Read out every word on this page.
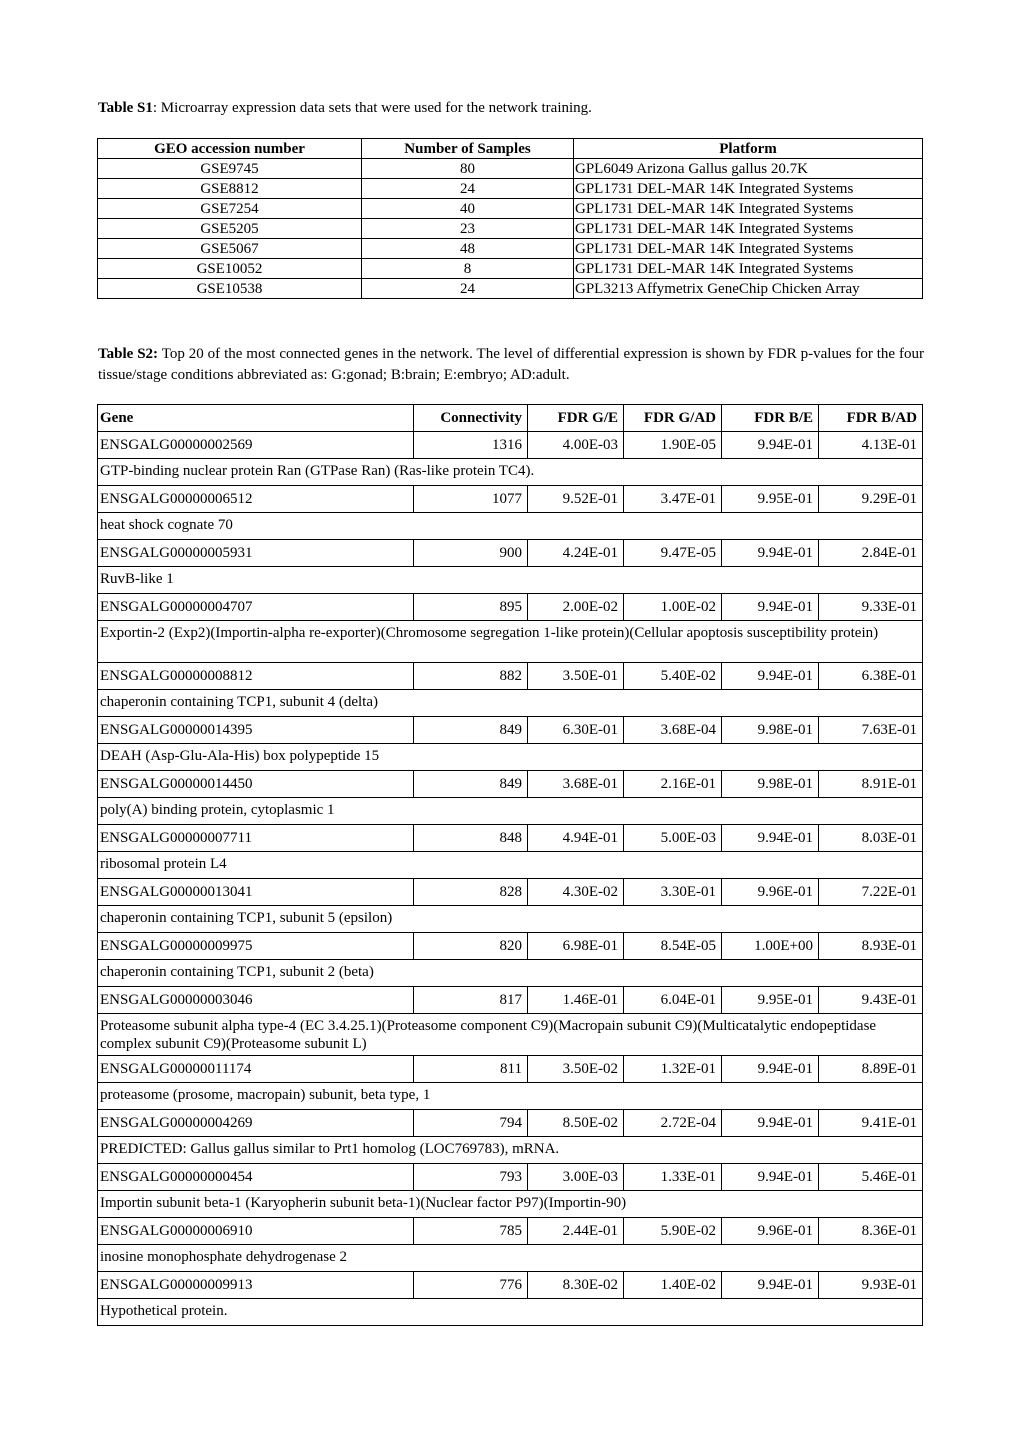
Table S1: Microarray expression data sets that were used for the network training.
GEO accession number	Number of Samples	Platform
GSE9745	80	GPL6049 Arizona Gallus gallus 20.7K
GSE8812	24	GPL1731 DEL-MAR 14K Integrated Systems
GSE7254	40	GPL1731 DEL-MAR 14K Integrated Systems
GSE5205	23	GPL1731 DEL-MAR 14K Integrated Systems
GSE5067	48	GPL1731 DEL-MAR 14K Integrated Systems
GSE10052	8	GPL1731 DEL-MAR 14K Integrated Systems
GSE10538	24	GPL3213 Affymetrix GeneChip Chicken Array
Table S2: Top 20 of the most connected genes in the network. The level of differential expression is shown by FDR p-values for the four tissue/stage conditions abbreviated as: G:gonad; B:brain; E:embryo; AD:adult.
Gene	Connectivity	FDR G/E	FDR G/AD	FDR B/E	FDR B/AD
ENSGALG00000002569	1316	4.00E-03	1.90E-05	9.94E-01	4.13E-01
GTP-binding nuclear protein Ran (GTPase Ran) (Ras-like protein TC4).					
ENSGALG00000006512	1077	9.52E-01	3.47E-01	9.95E-01	9.29E-01
heat shock cognate 70					
ENSGALG00000005931	900	4.24E-01	9.47E-05	9.94E-01	2.84E-01
RuvB-like 1					
ENSGALG00000004707	895	2.00E-02	1.00E-02	9.94E-01	9.33E-01
Exportin-2 (Exp2)(Importin-alpha re-exporter)(Chromosome segregation 1-like protein)(Cellular apoptosis susceptibility protein)					
ENSGALG00000008812	882	3.50E-01	5.40E-02	9.94E-01	6.38E-01
chaperonin containing TCP1, subunit 4 (delta)					
ENSGALG00000014395	849	6.30E-01	3.68E-04	9.98E-01	7.63E-01
DEAH (Asp-Glu-Ala-His) box polypeptide 15					
ENSGALG00000014450	849	3.68E-01	2.16E-01	9.98E-01	8.91E-01
poly(A) binding protein, cytoplasmic 1					
ENSGALG00000007711	848	4.94E-01	5.00E-03	9.94E-01	8.03E-01
ribosomal protein L4					
ENSGALG00000013041	828	4.30E-02	3.30E-01	9.96E-01	7.22E-01
chaperonin containing TCP1, subunit 5 (epsilon)					
ENSGALG00000009975	820	6.98E-01	8.54E-05	1.00E+00	8.93E-01
chaperonin containing TCP1, subunit 2 (beta)					
ENSGALG00000003046	817	1.46E-01	6.04E-01	9.95E-01	9.43E-01
Proteasome subunit alpha type-4 (EC 3.4.25.1)(Proteasome component C9)(Macropain subunit C9)(Multicatalytic endopeptidase complex subunit C9)(Proteasome subunit L)					
ENSGALG00000011174	811	3.50E-02	1.32E-01	9.94E-01	8.89E-01
proteasome (prosome, macropain) subunit, beta type, 1					
ENSGALG00000004269	794	8.50E-02	2.72E-04	9.94E-01	9.41E-01
PREDICTED: Gallus gallus similar to Prt1 homolog (LOC769783), mRNA.					
ENSGALG00000000454	793	3.00E-03	1.33E-01	9.94E-01	5.46E-01
Importin subunit beta-1 (Karyopherin subunit beta-1)(Nuclear factor P97)(Importin-90)					
ENSGALG00000006910	785	2.44E-01	5.90E-02	9.96E-01	8.36E-01
inosine monophosphate dehydrogenase 2					
ENSGALG00000009913	776	8.30E-02	1.40E-02	9.94E-01	9.93E-01
Hypothetical protein.					
